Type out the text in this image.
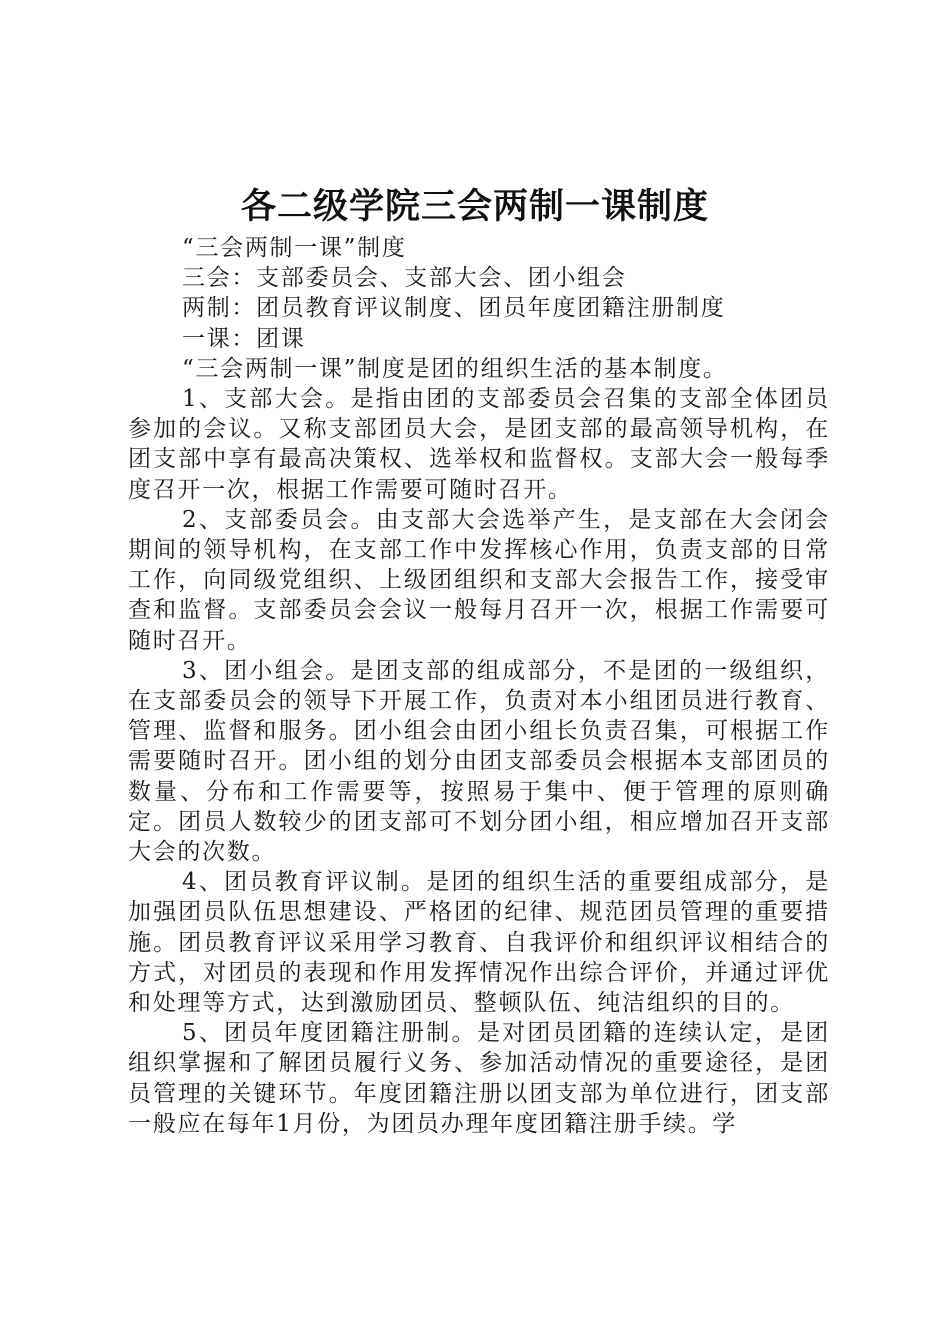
各二级学院三会两制一课制度

“三会两制一课”制度

三会：支部委员会、支部大会、团小组会

两制：团员教育评议制度、团员年度团籍注册制度

一课：团课

“三会两制一课”制度是团的组织生活的基本制度。

1、支部大会。是指由团的支部委员会召集的支部全体团员参加的会议。又称支部团员大会，是团支部的最高领导机构，在团支部中享有最高决策权、选举权和监督权。支部大会一般每季度召开一次，根据工作需要可随时召开。

2、支部委员会。由支部大会选举产生，是支部在大会闭会期间的领导机构，在支部工作中发挥核心作用，负责支部的日常工作，向同级党组织、上级团组织和支部大会报告工作，接受审查和监督。支部委员会会议一般每月召开一次，根据工作需要可随时召开。

3、团小组会。是团支部的组成部分，不是团的一级组织，在支部委员会的领导下开展工作，负责对本小组团员进行教育、管理、监督和服务。团小组会由团小组长负责召集，可根据工作需要随时召开。团小组的划分由团支部委员会根据本支部团员的数量、分布和工作需要等，按照易于集中、便于管理的原则确定。团员人数较少的团支部可不划分团小组，相应增加召开支部大会的次数。

4、团员教育评议制。是团的组织生活的重要组成部分，是加强团员队伍思想建设、严格团的纪律、规范团员管理的重要措施。团员教育评议采用学习教育、自我评价和组织评议相结合的方式，对团员的表现和作用发挥情况作出综合评价，并通过评优和处理等方式，达到激励团员、整顿队伍、纯洁组织的目的。

5、团员年度团籍注册制。是对团员团籍的连续认定，是团组织掌握和了解团员履行义务、参加活动情况的重要途径，是团员管理的关键环节。年度团籍注册以团支部为单位进行，团支部一般应在每年1月份，为团员办理年度团籍注册手续。学
